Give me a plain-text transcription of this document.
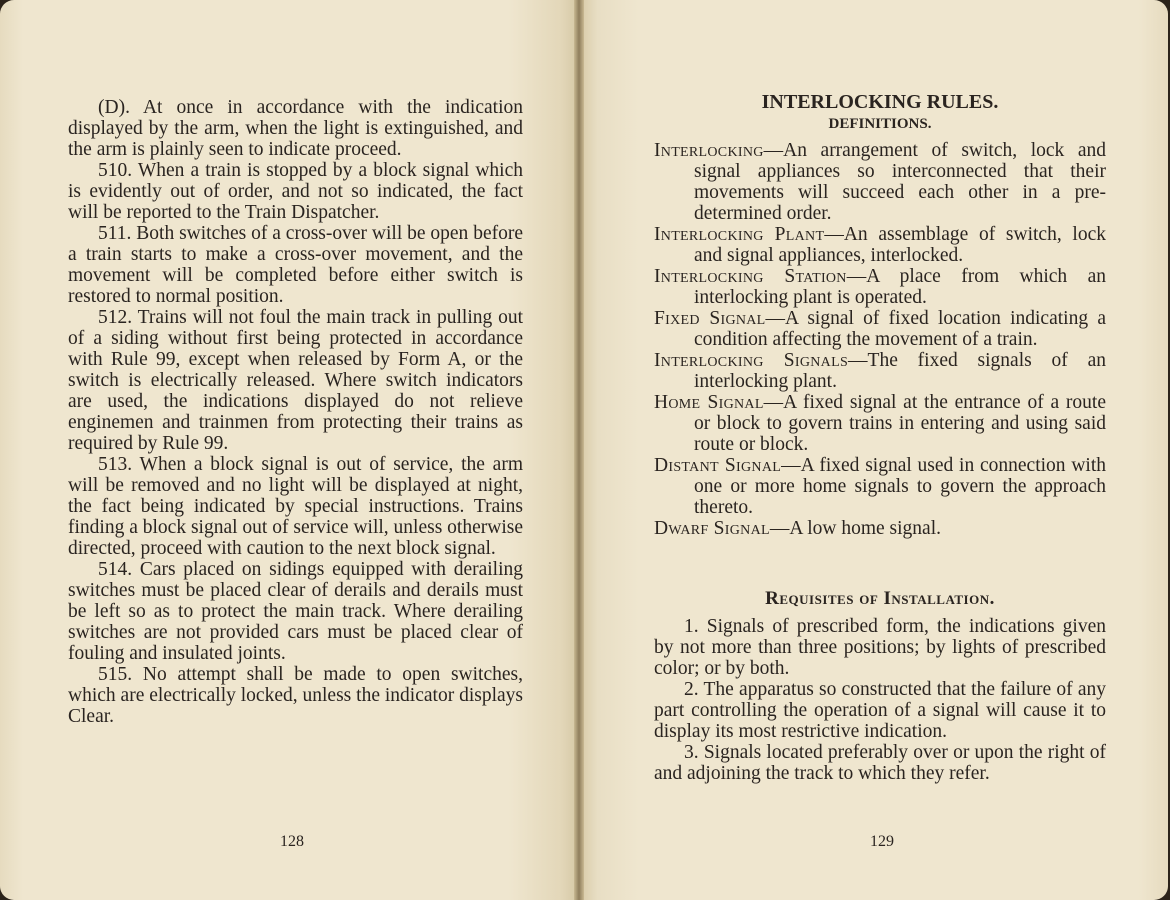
(D). At once in accordance with the indication displayed by the arm, when the light is extinguished, and the arm is plainly seen to indicate proceed.

510. When a train is stopped by a block signal which is evidently out of order, and not so indicated, the fact will be reported to the Train Dispatcher.

511. Both switches of a cross-over will be open before a train starts to make a cross-over movement, and the movement will be completed before either switch is restored to normal position.

512. Trains will not foul the main track in pulling out of a siding without first being protected in accordance with Rule 99, except when released by Form A, or the switch is electrically released. Where switch indicators are used, the indications displayed do not relieve enginemen and trainmen from protecting their trains as required by Rule 99.

513. When a block signal is out of service, the arm will be removed and no light will be displayed at night, the fact being indicated by special instructions. Trains finding a block signal out of service will, unless otherwise directed, proceed with caution to the next block signal.

514. Cars placed on sidings equipped with derailing switches must be placed clear of derails and derails must be left so as to protect the main track. Where derailing switches are not provided cars must be placed clear of fouling and insulated joints.

515. No attempt shall be made to open switches, which are electrically locked, unless the indicator displays Clear.

128
INTERLOCKING RULES.
DEFINITIONS.

Interlocking—An arrangement of switch, lock and signal appliances so interconnected that their movements will succeed each other in a pre-determined order.

Interlocking Plant—An assemblage of switch, lock and signal appliances, interlocked.

Interlocking Station—A place from which an interlocking plant is operated.

Fixed Signal—A signal of fixed location indicating a condition affecting the movement of a train.

Interlocking Signals—The fixed signals of an interlocking plant.

Home Signal—A fixed signal at the entrance of a route or block to govern trains in entering and using said route or block.

Distant Signal—A fixed signal used in connection with one or more home signals to govern the approach thereto.

Dwarf Signal—A low home signal.

Requisites of Installation.

1. Signals of prescribed form, the indications given by not more than three positions; by lights of prescribed color; or by both.

2. The apparatus so constructed that the failure of any part controlling the operation of a signal will cause it to display its most restrictive indication.

3. Signals located preferably over or upon the right of and adjoining the track to which they refer.

129
